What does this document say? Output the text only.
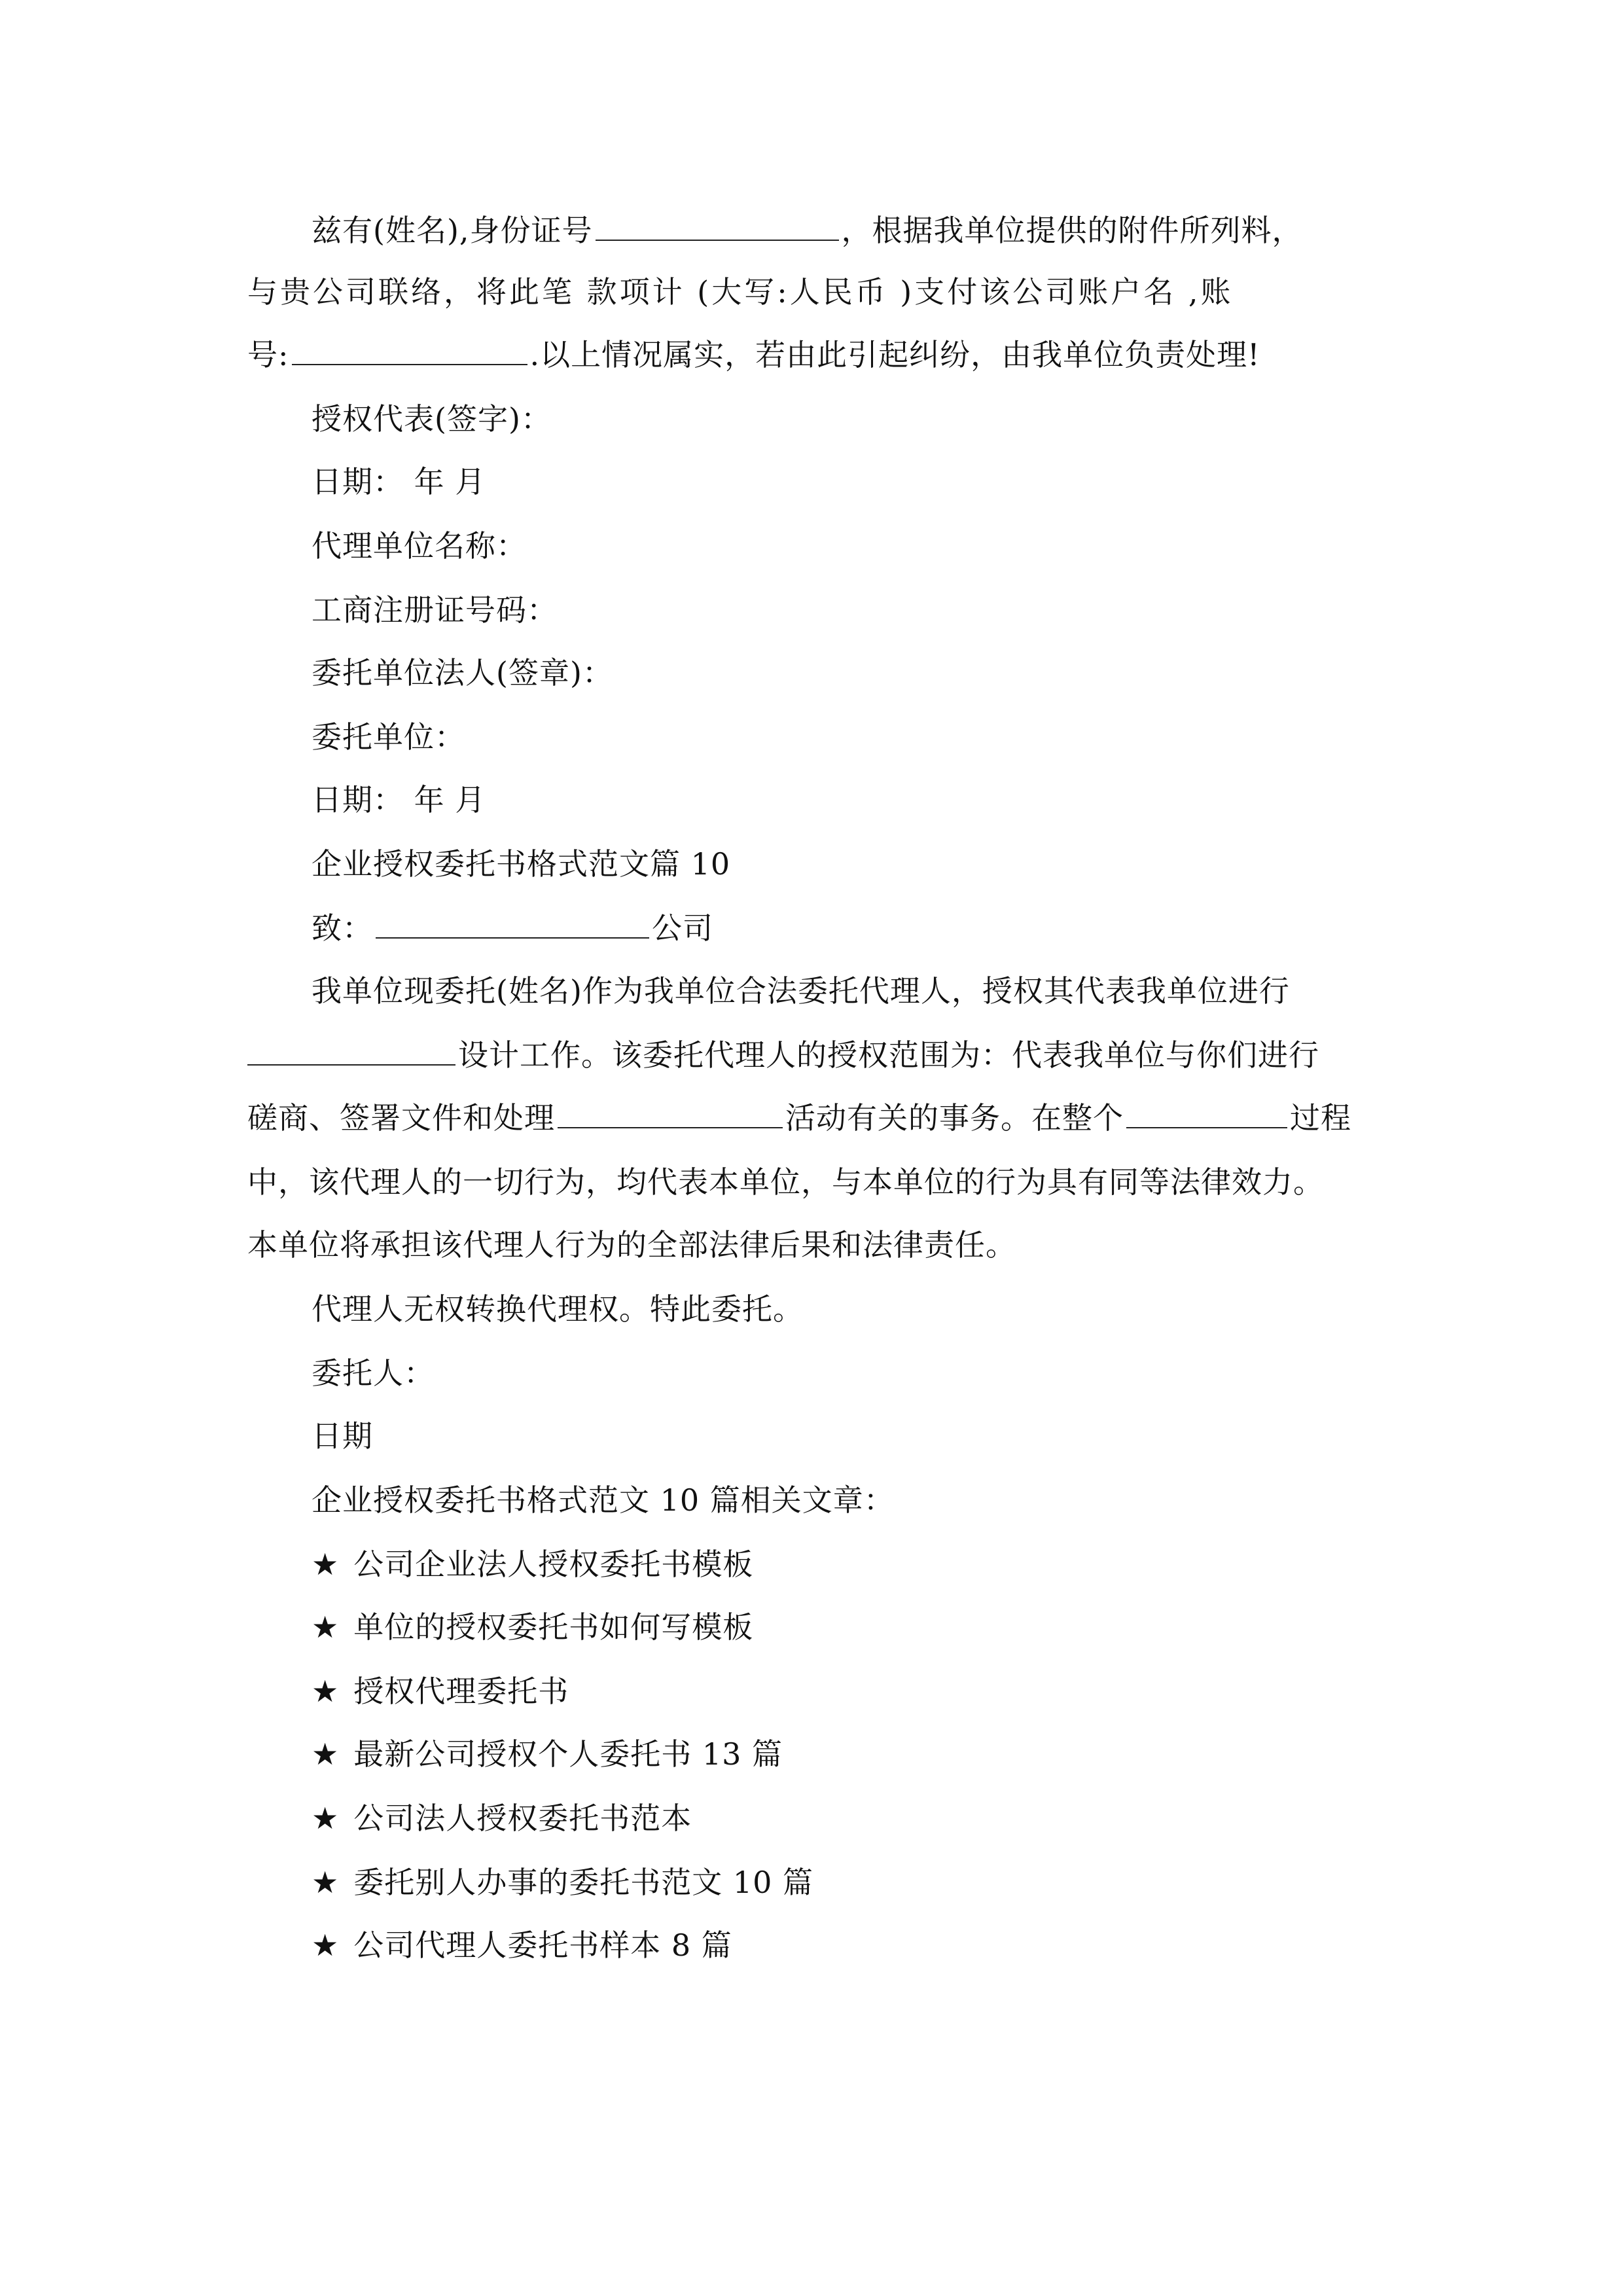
兹有(姓名),身份证号	，根据我单位提供的附件所列料，
与贵公司联络，将此笔 款项计 (大写:人民币 )支付该公司账户名 ,账
号:	.以上情况属实，若由此引起纠纷，由我单位负责处理!
授权代表(签字)：
日期： 年 月
代理单位名称：
工商注册证号码：
委托单位法人(签章)：
委托单位：
日期： 年 月
企业授权委托书格式范文篇 10
致：	公司
我单位现委托(姓名)作为我单位合法委托代理人，授权其代表我单位进行
设计工作。该委托代理人的授权范围为：代表我单位与你们进行
磋商、签署文件和处理	活动有关的事务。在整个	过程
中，该代理人的一切行为，均代表本单位，与本单位的行为具有同等法律效力。
本单位将承担该代理人行为的全部法律后果和法律责任。
代理人无权转换代理权。特此委托。
委托人：
日期
企业授权委托书格式范文 10 篇相关文章：
★ 公司企业法人授权委托书模板
★ 单位的授权委托书如何写模板
★ 授权代理委托书
★ 最新公司授权个人委托书 13 篇
★ 公司法人授权委托书范本
★ 委托别人办事的委托书范文 10 篇
★ 公司代理人委托书样本 8 篇
